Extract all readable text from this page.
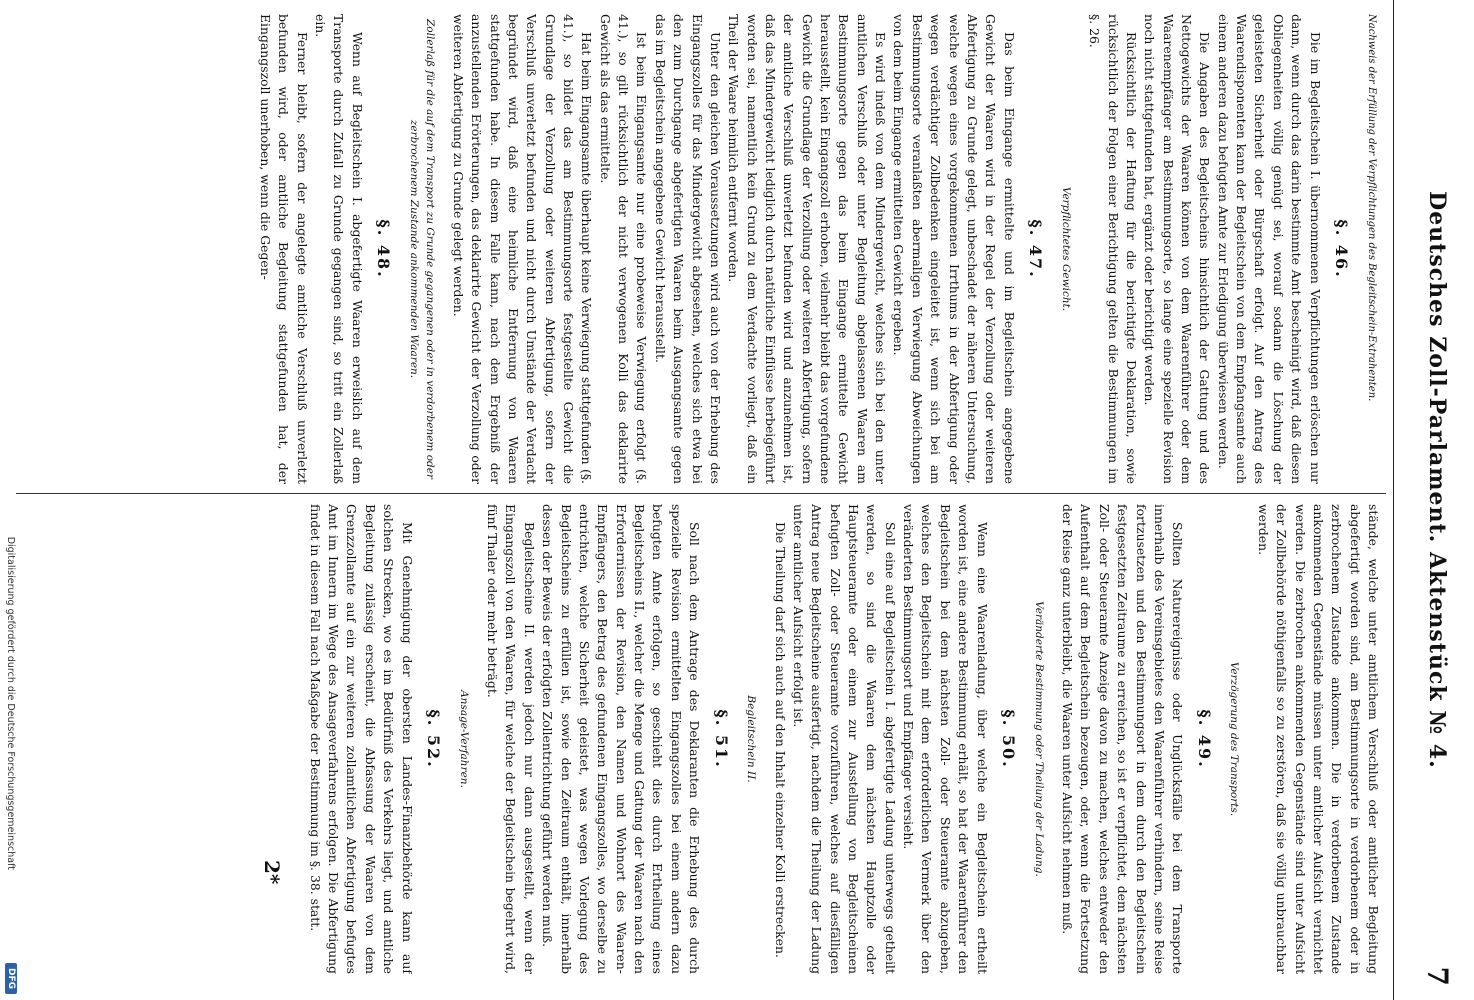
Deutsches Zoll-Parlament. Aktenstück № 4.
7
Nachweis der Erfüllung der Verpflichtungen des Begleitschein-Extrahenten.
§. 46.

Die im Begleitschein I. übernommenen Verpflichtungen erlöschen nur dann, wenn durch das darin bestimmte Amt bescheinigt wird, daß diesen Obliegenheiten völlig genügt sei, worauf sodann die Löschung der geleisteten Sicherheit oder Bürgschaft erfolgt. Auf den Antrag des Waarendisponenten kann der Begleitschein von dem Empfangsamte auch einem anderen dazu befugten Amte zur Erledigung überwiesen werden.

Die Angaben des Begleitscheins hinsichtlich der Gattung und des Nettogewichts der Waaren können von dem Waarenführer oder dem Waarenempfänger am Bestimmungsorte, so lange eine spezielle Revision noch nicht stattgefunden hat, ergänzt oder berichtigt werden.

Rücksichtlich der Haftung für die berichtigte Deklaration, sowie rücksichtlich der Folgen einer Berichtigung gelten die Bestimmungen im §. 26.

Verpflichtetes Gewicht.
§. 47.

Das beim Eingange ermittelte und im Begleitschein angegebene Gewicht der Waaren wird in der Regel der Verzollung oder weiteren Abfertigung zu Grunde gelegt, unbeschadet der näheren Untersuchung, welche wegen eines vorgekommenen Irrthums in der Abfertigung oder wegen verdächtiger Zollbedenken eingeleitet ist, wenn sich bei am Bestimmungsorte veranlaßten abermaligen Verwiegung Abweichungen von dem beim Eingange ermittelten Gewicht ergeben.

Es wird indeß von dem Mindergewicht, welches sich bei den unter amtlichen Verschluß oder unter Begleitung abgelassenen Waaren am Bestimmungsorte gegen das beim Eingange ermittelte Gewicht herausstellt, kein Eingangszoll erhoben, vielmehr bleibt das vorgefundene Gewicht die Grundlage der Verzollung oder weiteren Abfertigung, sofern der amtliche Verschluß unverletzt befunden wird und anzunehmen ist, daß das Mindergewicht lediglich durch natürliche Einflüsse herbeigeführt worden sei, namentlich kein Grund zu dem Verdachte vorliegt, daß ein Theil der Waare heimlich entfernt worden.

Unter den gleichen Voraussetzungen wird auch von der Erhebung des Eingangszolles für das Mindergewicht abgesehen, welches sich etwa bei den zum Durchgange abgefertigten Waaren beim Ausgangsamte gegen das im Begleitschein angegebene Gewicht herausstellt.

Ist beim Eingangsamte nur eine probeweise Verwiegung erfolgt (§. 41.), so gilt rücksichtlich der nicht verwogenen Kolli das deklarirte Gewicht als das ermittelte.

Hat beim Eingangsamte überhaupt keine Verwiegung stattgefunden (§. 41.), so bildet das am Bestimmungsorte festgestellte Gewicht die Grundlage der Verzollung oder weiteren Abfertigung, sofern der Verschluß unverletzt befunden und nicht durch Umstände der Verdacht begründet wird, daß eine heimliche Entfernung von Waaren stattgefunden habe. In diesem Falle kann, nach dem Ergebniß der anzustellenden Erörterungen, das deklarirte Gewicht der Verzollung oder weiteren Abfertigung zu Grunde gelegt werden.

Zollerlaß für die auf dem Transport zu Grunde gegangenen oder in verdorbenem oder zerbrochenem Zustande ankommenden Waaren.
§. 48.

Wenn auf Begleitschein I. abgefertigte Waaren erweislich auf dem Transporte durch Zufall zu Grunde gegangen sind, so tritt ein Zollerlaß ein.

Ferner bleibt, sofern der angelegte amtliche Verschluß unverletzt befunden wird, oder amtliche Begleitung stattgefunden hat, der Eingangszoll unerhoben, wenn die Gegen-

stände, welche unter amtlichem Verschluß oder amtlicher Begleitung abgefertigt worden sind, am Bestimmungsorte in verdorbenem oder in zerbrochenem Zustande ankommen. Die in verdorbenem Zustande ankommenden Gegenstände müssen unter amtlicher Aufsicht vernichtet werden. Die zerbrochen ankommenden Gegenstände sind unter Aufsicht der Zollbehörde nöthigenfalls so zu zerstören, daß sie völlig unbrauchbar werden.

Verzögerung des Transports.
§. 49.

Sollten Naturereignisse oder Unglücksfälle bei dem Transporte innerhalb des Vereinsgebietes den Waarenführer verhindern, seine Reise fortzusetzen und den Bestimmungsort in dem durch den Begleitschein festgesetzten Zeitraume zu erreichen, so ist er verpflichtet, dem nächsten Zoll- oder Steueramte Anzeige davon zu machen, welches entweder den Aufenthalt auf dem Begleitschein bezeugen, oder, wenn die Fortsetzung der Reise ganz unterbleibt, die Waaren unter Aufsicht nehmen muß.

Veränderte Bestimmung oder Theilung der Ladung.
§. 50.

Wenn eine Waarenladung, über welche ein Begleitschein ertheilt worden ist, eine andere Bestimmung erhält, so hat der Waarenführer den Begleitschein bei dem nächsten Zoll- oder Steueramte abzugeben, welches den Begleitschein mit dem erforderlichen Vermerk über den veränderten Bestimmungsort und Empfänger versieht.

Soll eine auf Begleitschein I. abgefertigte Ladung unterwegs getheilt werden, so sind die Waaren dem nächsten Hauptzolle oder Hauptsteueramte oder einem zur Ausstellung von Begleitscheinen befugten Zoll- oder Steueramte vorzuführen, welches auf diesfälligen Antrag neue Begleitscheine ausfertigt, nachdem die Theilung der Ladung unter amtlicher Aufsicht erfolgt ist.

Die Theilung darf sich auch auf den Inhalt einzelner Kolli erstrecken.

Begleitschein II.
§. 51.

Soll nach dem Antrage des Deklaranten die Erhebung des durch spezielle Revision ermittelten Eingangszolles bei einem andern dazu befugten Amte erfolgen, so geschieht dies durch Ertheilung eines Begleitscheins II., welcher die Menge und Gattung der Waaren nach den Erfordernissen der Revision, den Namen und Wohnort des Waaren-Empfängers, den Betrag des gefundenen Eingangszolles, wo derselbe zu entrichten, welche Sicherheit geleistet, was wegen Vorlegung des Begleitscheins zu erfüllen ist, sowie den Zeitraum enthält, innerhalb dessen der Beweis der erfolgten Zollentrichtung geführt werden muß.

Begleitscheine II. werden jedoch nur dann ausgestellt, wenn der Eingangszoll von den Waaren, für welche der Begleitschein begehrt wird, fünf Thaler oder mehr beträgt.

Ansage-Verfahren.
§. 52.

Mit Genehmigung der obersten Landes-Finanzbehörde kann auf solchen Strecken, wo es im Bedürfniß des Verkehrs liegt, und amtliche Begleitung zulässig erscheint, die Abfassung der Waaren von dem Grenzzollamte auf ein zur weiteren zollamtlichen Abfertigung befugtes Amt im Innern im Wege des Ansageverfahrens erfolgen. Die Abfertigung findet in diesem Fall nach Maßgabe der Bestimmung im §. 38. statt.

2*
Digitalisierung gefördert durch die Deutsche Forschungsgemeinschaft
DFG
